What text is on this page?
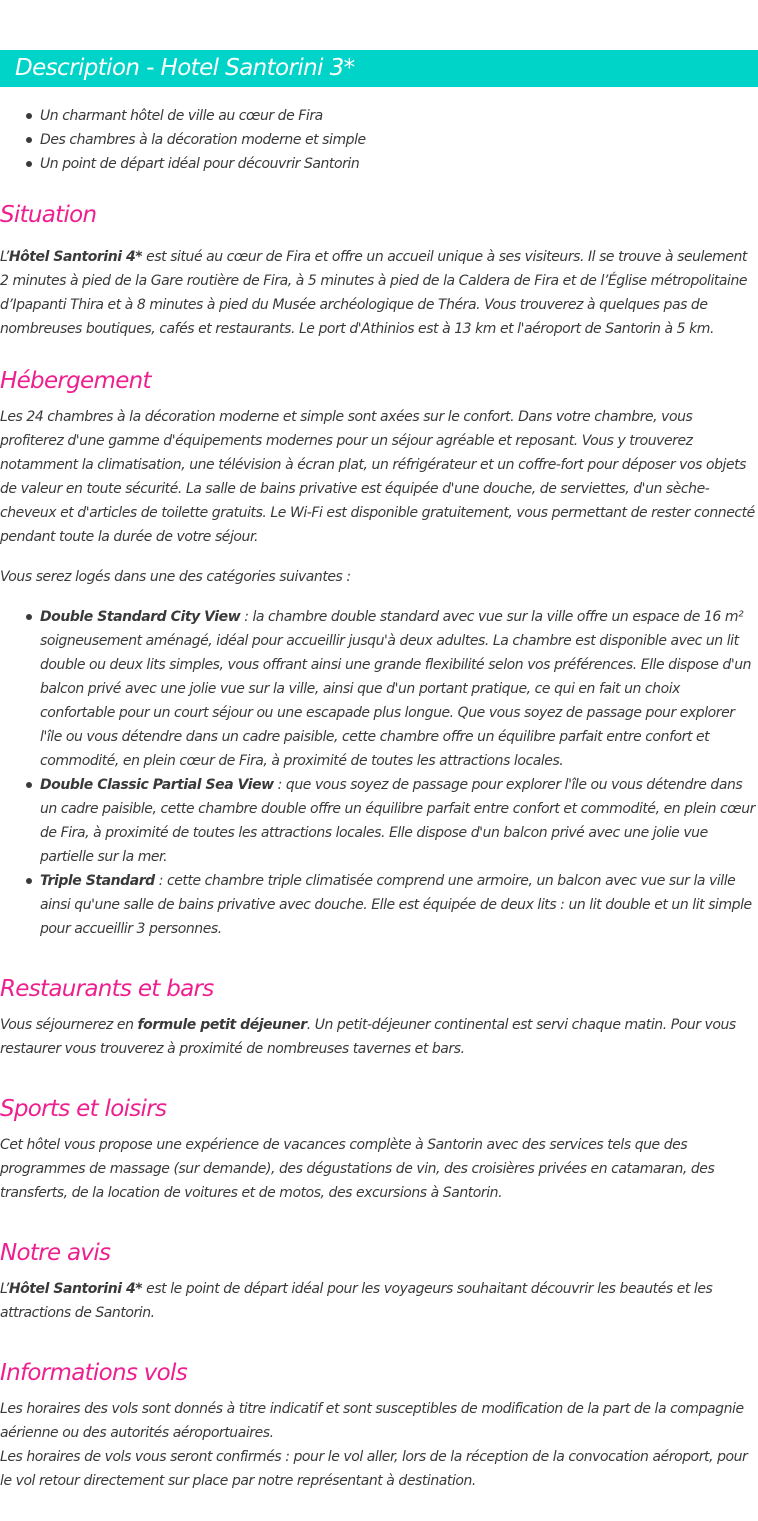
Description - Hotel Santorini 3*
Un charmant hôtel de ville au cœur de Fira
Des chambres à la décoration moderne et simple
Un point de départ idéal pour découvrir Santorin
Situation

L’Hôtel Santorini 4* est situé au cœur de Fira et offre un accueil unique à ses visiteurs. Il se trouve à seulement 2 minutes à pied de la Gare routière de Fira, à 5 minutes à pied de la Caldera de Fira et de l’Église métropolitaine d’Ipapanti Thira et à 8 minutes à pied du Musée archéologique de Théra. Vous trouverez à quelques pas de nombreuses boutiques, cafés et restaurants. Le port d'Athinios est à 13 km et l'aéroport de Santorin à 5 km.

Hébergement

Les 24 chambres à la décoration moderne et simple sont axées sur le confort. Dans votre chambre, vous profiterez d'une gamme d'équipements modernes pour un séjour agréable et reposant. Vous y trouverez notamment la climatisation, une télévision à écran plat, un réfrigérateur et un coffre-fort pour déposer vos objets de valeur en toute sécurité. La salle de bains privative est équipée d'une douche, de serviettes, d'un sèche-cheveux et d'articles de toilette gratuits. Le Wi-Fi est disponible gratuitement, vous permettant de rester connecté pendant toute la durée de votre séjour.

Vous serez logés dans une des catégories suivantes :

Double Standard City View : la chambre double standard avec vue sur la ville offre un espace de 16 m² soigneusement aménagé, idéal pour accueillir jusqu'à deux adultes. La chambre est disponible avec un lit double ou deux lits simples, vous offrant ainsi une grande flexibilité selon vos préférences. Elle dispose d'un balcon privé avec une jolie vue sur la ville, ainsi que d'un portant pratique, ce qui en fait un choix confortable pour un court séjour ou une escapade plus longue. Que vous soyez de passage pour explorer l'île ou vous détendre dans un cadre paisible, cette chambre offre un équilibre parfait entre confort et commodité, en plein cœur de Fira, à proximité de toutes les attractions locales.
Double Classic Partial Sea View : que vous soyez de passage pour explorer l'île ou vous détendre dans un cadre paisible, cette chambre double offre un équilibre parfait entre confort et commodité, en plein cœur de Fira, à proximité de toutes les attractions locales. Elle dispose d'un balcon privé avec une jolie vue partielle sur la mer.
Triple Standard : cette chambre triple climatisée comprend une armoire, un balcon avec vue sur la ville ainsi qu'une salle de bains privative avec douche. Elle est équipée de deux lits : un lit double et un lit simple pour accueillir 3 personnes.
Restaurants et bars

Vous séjournerez en formule petit déjeuner. Un petit-déjeuner continental est servi chaque matin. Pour vous restaurer vous trouverez à proximité de nombreuses tavernes et bars.

Sports et loisirs

Cet hôtel vous propose une expérience de vacances complète à Santorin avec des services tels que des programmes de massage (sur demande), des dégustations de vin, des croisières privées en catamaran, des transferts, de la location de voitures et de motos, des excursions à Santorin.

Notre avis

L’Hôtel Santorini 4* est le point de départ idéal pour les voyageurs souhaitant découvrir les beautés et les attractions de Santorin.

Informations vols

Les horaires des vols sont donnés à titre indicatif et sont susceptibles de modification de la part de la compagnie aérienne ou des autorités aéroportuaires.
Les horaires de vols vous seront confirmés : pour le vol aller, lors de la réception de la convocation aéroport, pour le vol retour directement sur place par notre représentant à destination.
